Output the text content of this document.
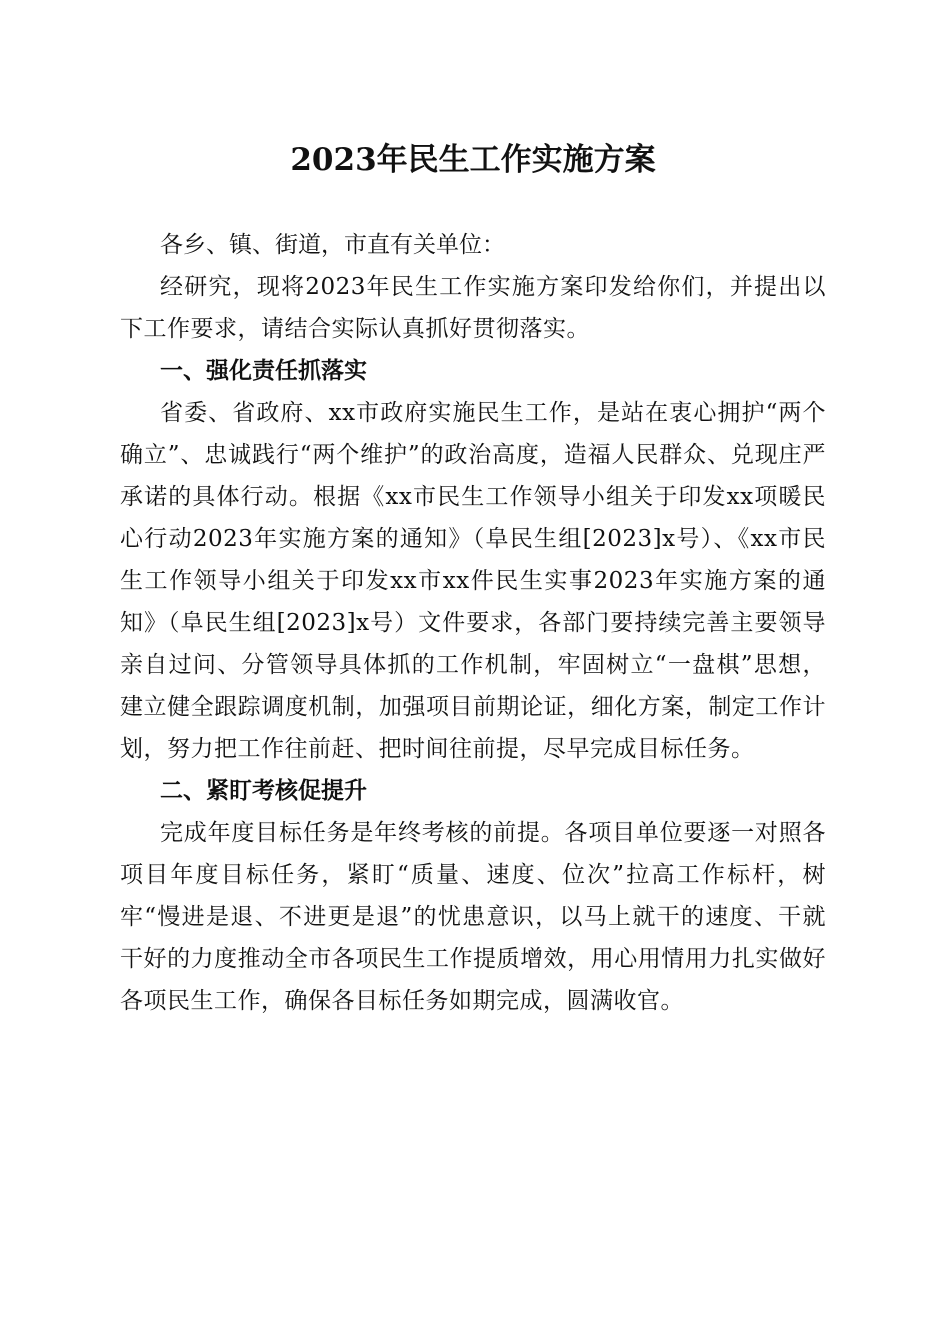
2023年民生工作实施方案

各乡、镇、街道，市直有关单位：

经研究，现将2023年民生工作实施方案印发给你们，并提出以下工作要求，请结合实际认真抓好贯彻落实。

一、强化责任抓落实

省委、省政府、xx市政府实施民生工作，是站在衷心拥护“两个确立”、忠诚践行“两个维护”的政治高度，造福人民群众、兑现庄严承诺的具体行动。根据《xx市民生工作领导小组关于印发xx项暖民心行动2023年实施方案的通知》（阜民生组[2023]x号）、《xx市民生工作领导小组关于印发xx市xx件民生实事2023年实施方案的通知》（阜民生组[2023]x号）文件要求，各部门要持续完善主要领导亲自过问、分管领导具体抓的工作机制，牢固树立“一盘棋”思想，建立健全跟踪调度机制，加强项目前期论证，细化方案，制定工作计划，努力把工作往前赶、把时间往前提，尽早完成目标任务。

二、紧盯考核促提升

完成年度目标任务是年终考核的前提。各项目单位要逐一对照各项目年度目标任务，紧盯“质量、速度、位次”拉高工作标杆，树牢“慢进是退、不进更是退”的忧患意识，以马上就干的速度、干就干好的力度推动全市各项民生工作提质增效，用心用情用力扎实做好各项民生工作，确保各目标任务如期完成，圆满收官。
